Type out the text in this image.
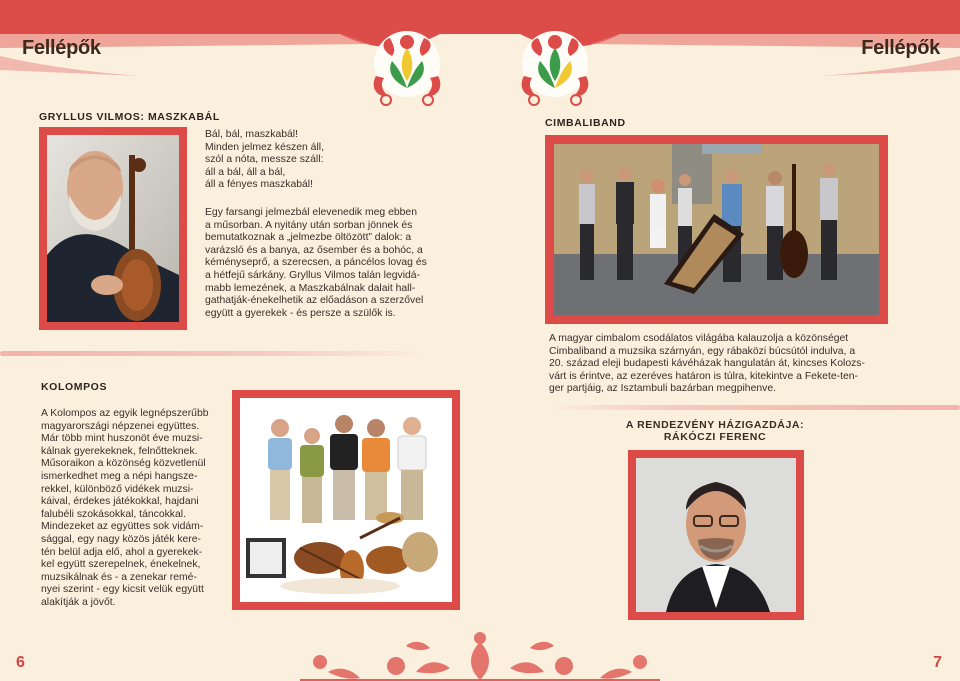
Fellépők	Fellépők
GRYLLUS VILMOS: MASZKABÁL
Bál, bál, maszkabál!
Minden jelmez készen áll,
szól a nóta, messze száll:
áll a bál, áll a bál,
áll a fényes maszkabál!
Egy farsangi jelmezbál elevenedik meg ebben
a műsorban. A nyitány után sorban jönnek és
bemutatkoznak a „jelmezbe öltözött” dalok: a
varázsló és a banya, az ősember és a bohóc, a
kéményseprő, a szerecsen, a páncélos lovag és
a hétfejű sárkány. Gryllus Vilmos talán legvidá-
mabb lemezének, a Maszkabálnak dalait hall-
gathatják-énekelhetik az előadáson a szerzővel
együtt a gyerekek - és persze a szülők is.
KOLOMPOS
A Kolompos az egyik legnépszerűbb
magyarországi népzenei együttes.
Már több mint huszonöt éve muzsi-
kálnak gyerekeknek, felnőtteknek.
Műsoraikon a közönség közvetlenül
ismerkedhet meg a népi hangsze-
rekkel, különböző vidékek muzsi-
káival, érdekes játékokkal, hajdani
falubéli szokásokkal, táncokkal.
Mindezeket az együttes sok vidám-
sággal, egy nagy közös játék kere-
tén belül adja elő, ahol a gyerekek-
kel együtt szerepelnek, énekelnek,
muzsikálnak és - a zenekar remé-
nyei szerint - egy kicsit velük együtt
alakítják a jövőt.
6
CIMBALIBAND
A magyar cimbalom csodálatos világába kalauzolja a közönséget
Cimbaliband a muzsika szárnyán, egy rábaközi búcsútól indulva, a
20. század eleji budapesti kávéházak hangulatán át, kincses Kolozs-
várt is érintve, az ezeréves határon is túlra, kitekintve a Fekete-ten-
ger partjáig, az Isztambuli bazárban megpihenve.
A RENDEZVÉNY HÁZIGAZDÁJA:
RÁKÓCZI FERENC
7
